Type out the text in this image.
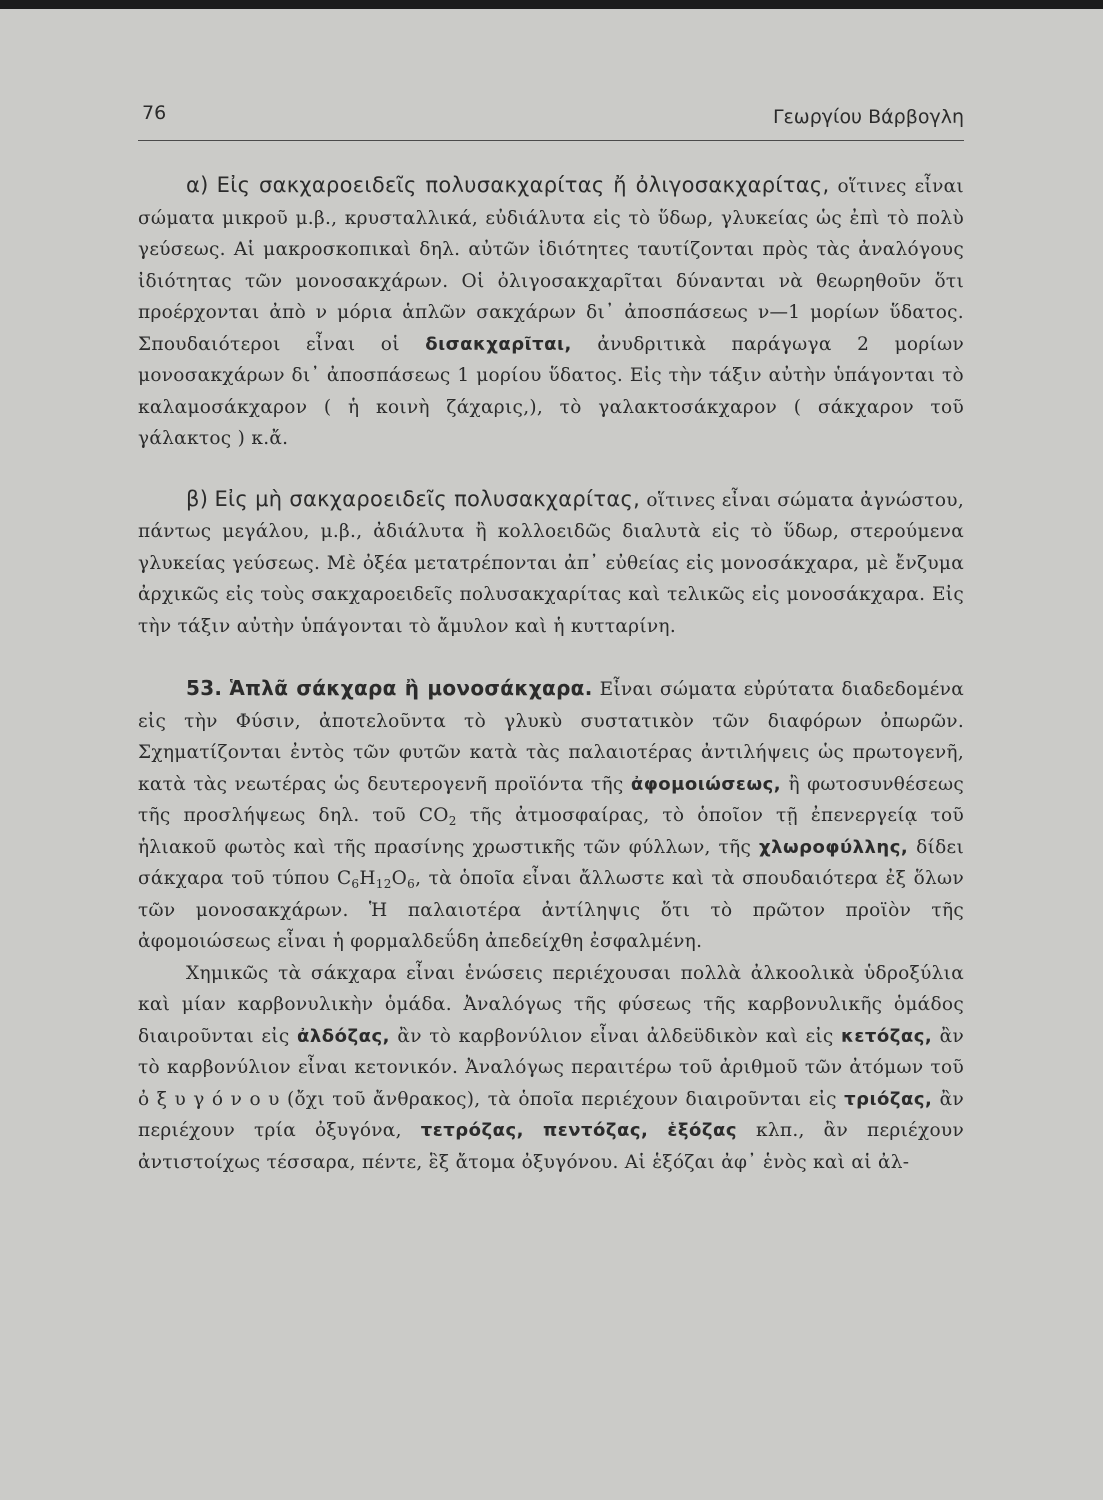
76	Γεωργίου Βάρβογλη

α) Εἰς σακχαροειδεῖς πολυσακχαρίτας ἤ ὀλιγοσακχαρίτας, οἵτινες εἶναι σώματα μικροῦ μ.β., κρυσταλλικά, εὐδιάλυτα εἰς τὸ ὕδωρ, γλυκείας ὡς ἐπὶ τὸ πολὺ γεύσεως. Αἱ μακροσκοπικαὶ δηλ. αὐτῶν ἰδιότητες ταυτίζονται πρὸς τὰς ἀναλόγους ἰδιότητας τῶν μονοσακχάρων. Οἱ ὀλιγοσακχαρῖται δύνανται νὰ θεωρηθοῦν ὅτι προέρχονται ἀπὸ ν μόρια ἁπλῶν σακχάρων δι᾽ ἀποσπάσεως ν—1 μορίων ὕδατος. Σπουδαιότεροι εἶναι οἱ δισακχαρῖται, ἀνυδριτικὰ παράγωγα 2 μορίων μονοσακχάρων δι᾽ ἀποσπάσεως 1 μορίου ὕδατος. Εἰς τὴν τάξιν αὐτὴν ὑπάγονται τὸ καλαμοσάκχαρον ( ἡ κοινὴ ζάχαρις,), τὸ γαλακτοσάκχαρον ( σάκχαρον τοῦ γάλακτος ) κ.ἄ.

β) Εἰς μὴ σακχαροειδεῖς πολυσακχαρίτας, οἵτινες εἶναι σώματα ἀγνώστου, πάντως μεγάλου, μ.β., ἀδιάλυτα ἢ κολλοειδῶς διαλυτὰ εἰς τὸ ὕδωρ, στερούμενα γλυκείας γεύσεως. Μὲ ὀξέα μετατρέπονται ἀπ᾽ εὐθείας εἰς μονοσάκχαρα, μὲ ἔνζυμα ἀρχικῶς εἰς τοὺς σακχαροειδεῖς πολυσακχαρίτας καὶ τελικῶς εἰς μονοσάκχαρα. Εἰς τὴν τάξιν αὐτὴν ὑπάγονται τὸ ἄμυλον καὶ ἡ κυτταρίνη.

53. Ἁπλᾶ σάκχαρα ἢ μονοσάκχαρα. Εἶναι σώματα εὐρύτατα διαδεδομένα εἰς τὴν Φύσιν, ἀποτελοῦντα τὸ γλυκὺ συστατικὸν τῶν διαφόρων ὀπωρῶν. Σχηματίζονται ἐντὸς τῶν φυτῶν κατὰ τὰς παλαιοτέρας ἀντιλήψεις ὡς πρωτογενῆ, κατὰ τὰς νεωτέρας ὡς δευτερογενῆ προϊόντα τῆς ἀφομοιώσεως, ἢ φωτοσυνθέσεως τῆς προσλήψεως δηλ. τοῦ $CO_2$ τῆς ἀτμοσφαίρας, τὸ ὁποῖον τῇ ἐπενεργείᾳ τοῦ ἡλιακοῦ φωτὸς καὶ τῆς πρασίνης χρωστικῆς τῶν φύλλων, τῆς χλωροφύλλης, δίδει σάκχαρα τοῦ τύπου $C_6H_{12}O_6$, τὰ ὁποῖα εἶναι ἄλλωστε καὶ τὰ σπουδαιότερα ἐξ ὅλων τῶν μονοσακχάρων. Ἡ παλαιοτέρα ἀντίληψις ὅτι τὸ πρῶτον προϊὸν τῆς ἀφομοιώσεως εἶναι ἡ φορμαλδεΰδη ἀπεδείχθη ἐσφαλμένη.

Χημικῶς τὰ σάκχαρα εἶναι ἑνώσεις περιέχουσαι πολλὰ ἀλκοολικὰ ὑδροξύλια καὶ μίαν καρβονυλικὴν ὁμάδα. Ἀναλόγως τῆς φύσεως τῆς καρβονυλικῆς ὁμάδος διαιροῦνται εἰς ἀλδόζας, ἂν τὸ καρβονύλιον εἶναι ἀλδεϋδικὸν καὶ εἰς κετόζας, ἂν τὸ καρβονύλιον εἶναι κετονικόν. Ἀναλόγως περαιτέρω τοῦ ἀριθμοῦ τῶν ἀτόμων τοῦ ὀ ξ υ γ ό ν ο υ (ὄχι τοῦ ἄνθρακος), τὰ ὁποῖα περιέχουν διαιροῦνται εἰς τριόζας, ἂν περιέχουν τρία ὀξυγόνα, τετρόζας, πεντόζας, ἑξόζας κλπ., ἂν περιέχουν ἀντιστοίχως τέσσαρα, πέντε, ἓξ ἄτομα ὀξυγόνου. Αἱ ἑξόζαι ἀφ᾽ ἑνὸς καὶ αἱ ἀλ-
